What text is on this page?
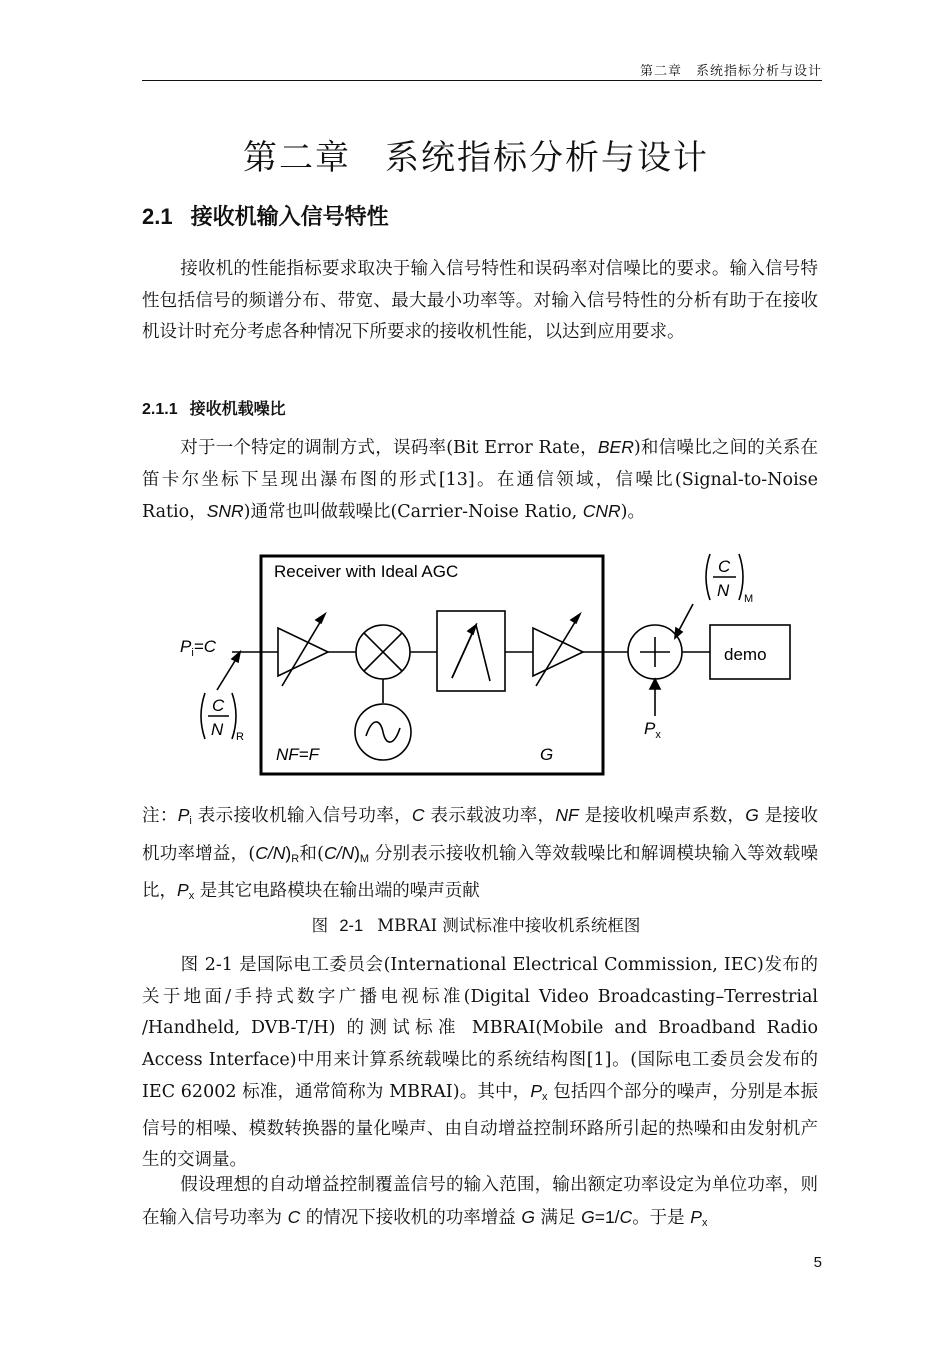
第二章　系统指标分析与设计
第二章 系统指标分析与设计
2.1 接收机输入信号特性
接收机的性能指标要求取决于输入信号特性和误码率对信噪比的要求。输入信号特性包括信号的频谱分布、带宽、最大最小功率等。对输入信号特性的分析有助于在接收机设计时充分考虑各种情况下所要求的接收机性能，以达到应用要求。
2.1.1 接收机载噪比
对于一个特定的调制方式，误码率(Bit Error Rate，BER)和信噪比之间的关系在笛卡尔坐标下呈现出瀑布图的形式[13]。在通信领域，信噪比(Signal-to-Noise Ratio，SNR)通常也叫做载噪比(Carrier-Noise Ratio, CNR)。
Receiver with Ideal AGC
demo
$P_i=C$
C
N R
C
N M
NF=F	G
$P_x$
注：$P_i$ 表示接收机输入信号功率，C 表示载波功率，NF 是接收机噪声系数，G 是接收机功率增益，$(C/N)_R$和$(C/N)_M$ 分别表示接收机输入等效载噪比和解调模块输入等效载噪比，$P_x$ 是其它电路模块在输出端的噪声贡献
图 2-1 MBRAI 测试标准中接收机系统框图
图 2-1 是国际电工委员会(International Electrical Commission, IEC)发布的关于地面/手持式数字广播电视标准(Digital Video Broadcasting–Terrestrial /Handheld, DVB-T/H) 的测试标准 MBRAI(Mobile and Broadband Radio Access Interface)中用来计算系统载噪比的系统结构图[1]。(国际电工委员会发布的 IEC 62002 标准，通常简称为 MBRAI)。其中，$P_x$ 包括四个部分的噪声，分别是本振信号的相噪、模数转换器的量化噪声、由自动增益控制环路所引起的热噪和由发射机产生的交调量。
假设理想的自动增益控制覆盖信号的输入范围，输出额定功率设定为单位功率，则在输入信号功率为 C 的情况下接收机的功率增益 G 满足 G=1/C。于是 $P_x$
5
